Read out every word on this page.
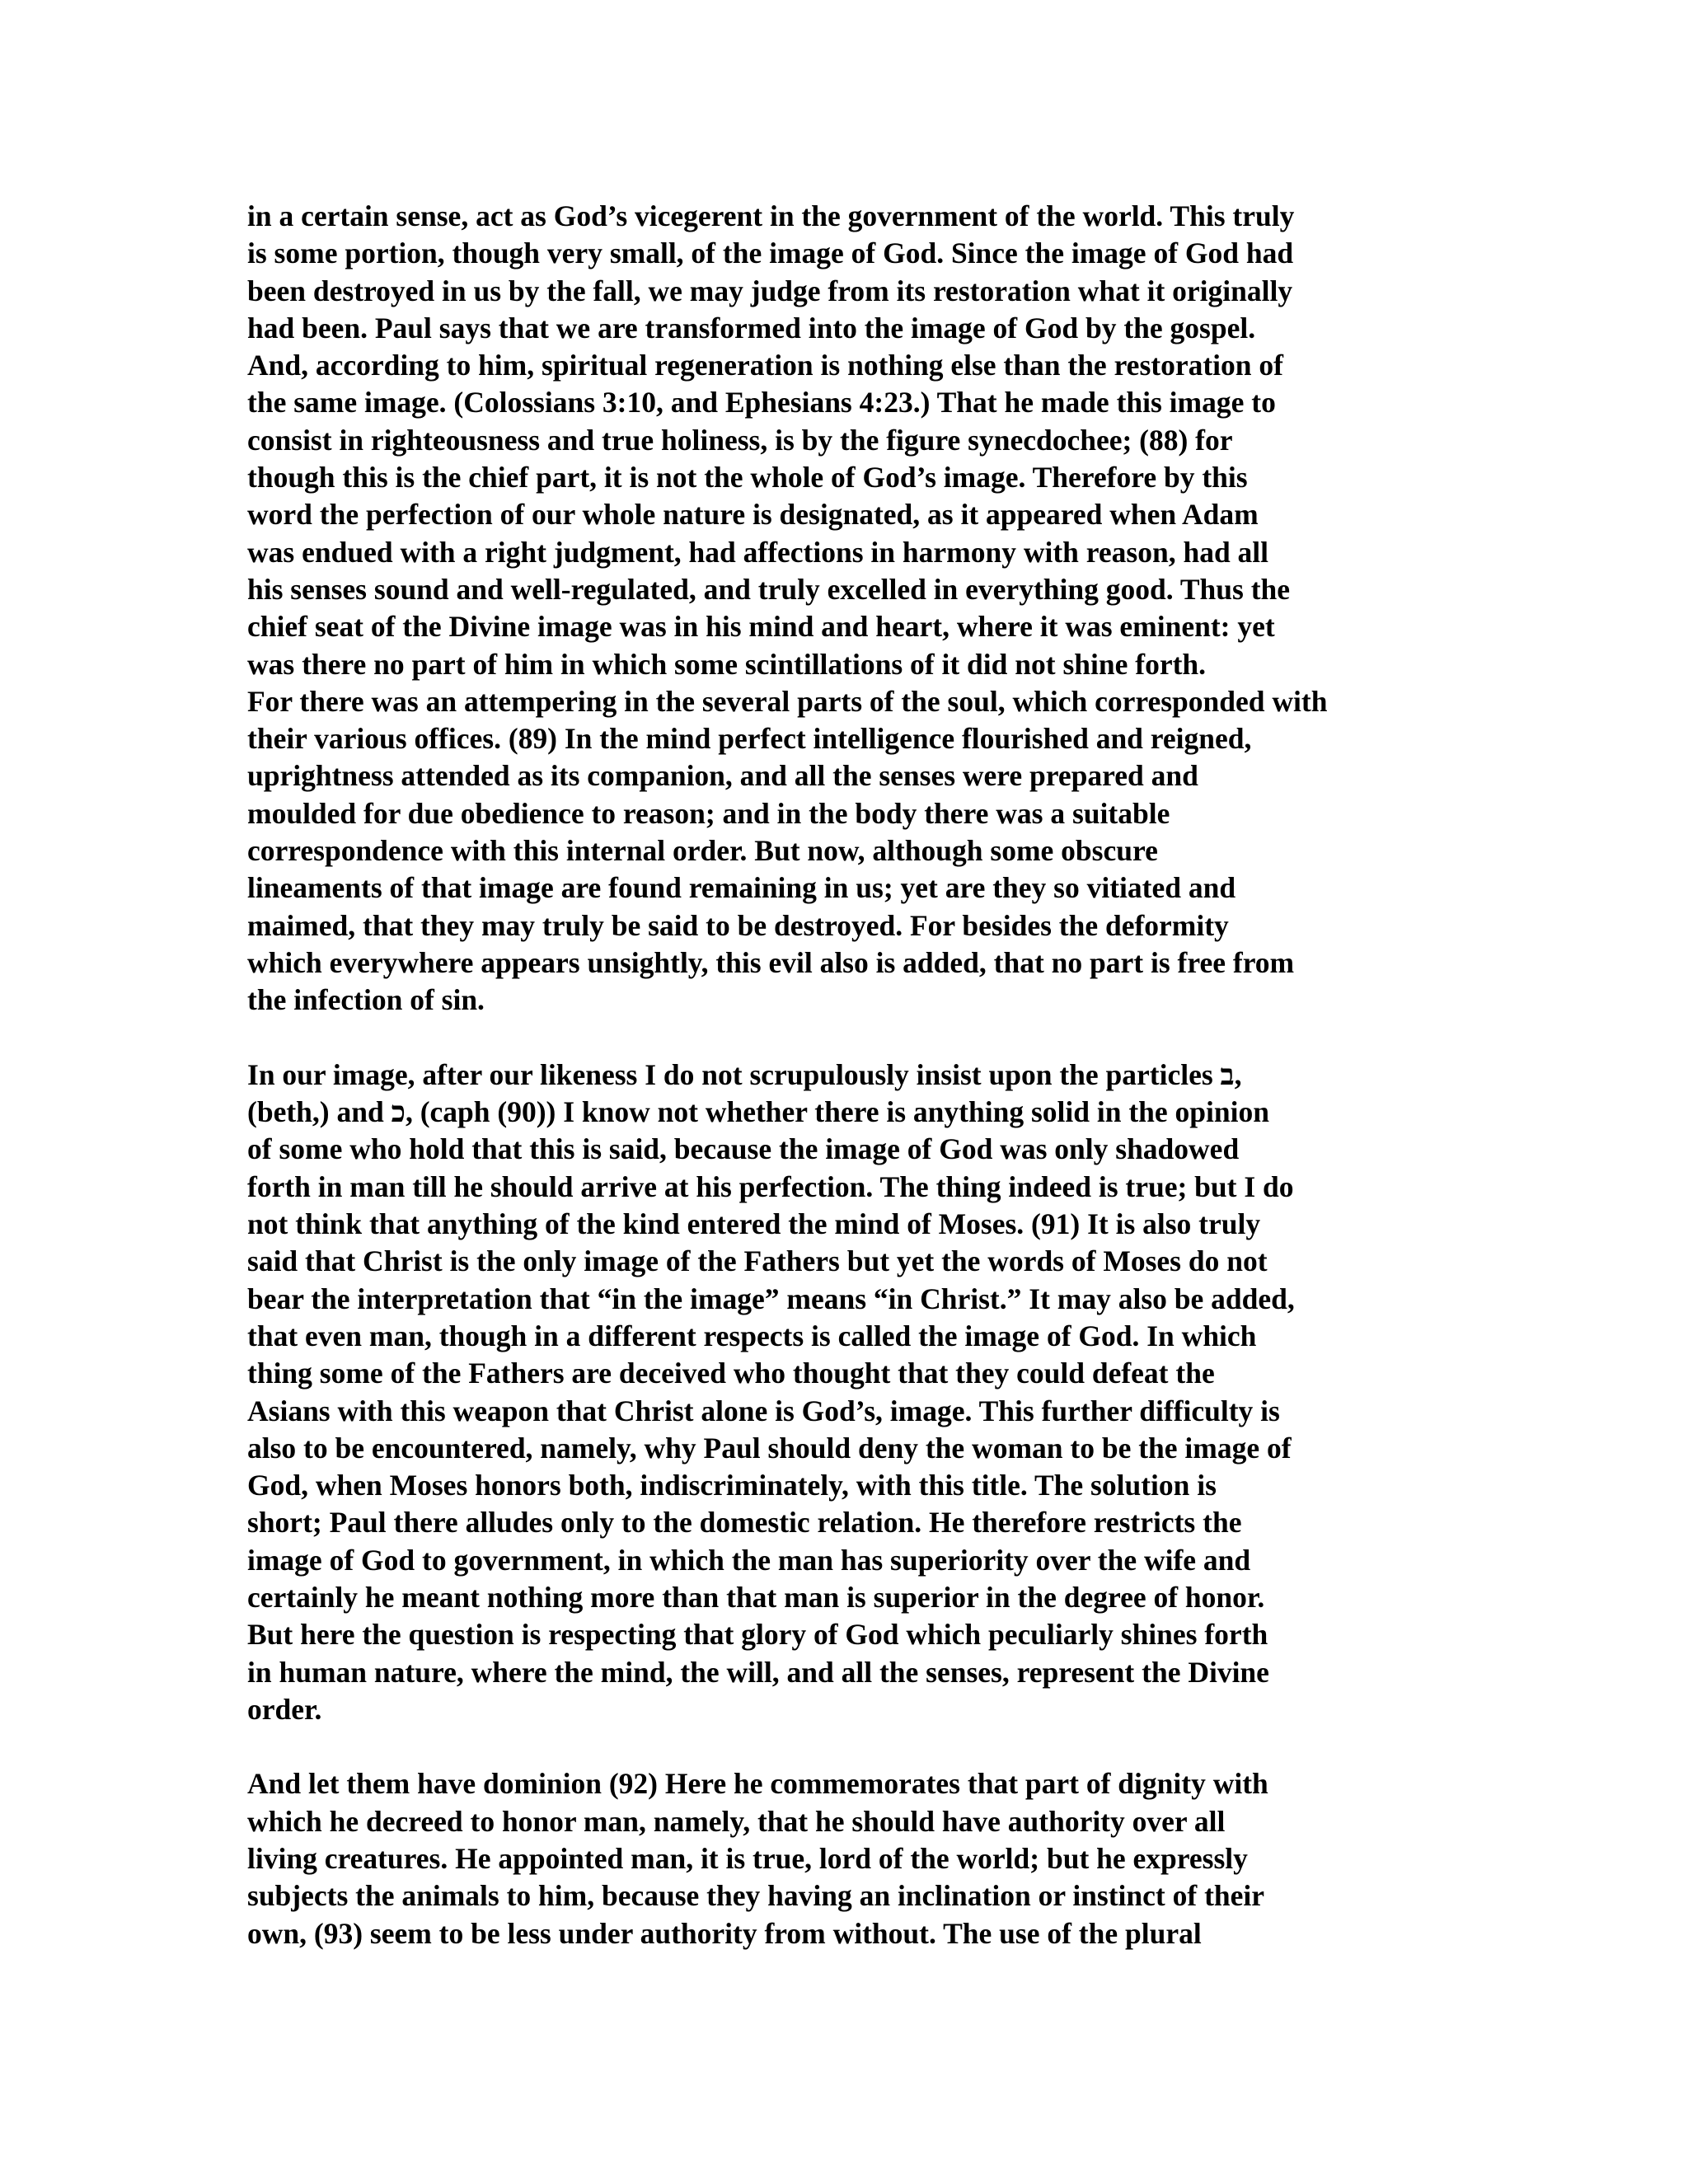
in a certain sense, act as God’s vicegerent in the government of the world. This truly
is some portion, though very small, of the image of God. Since the image of God had
been destroyed in us by the fall, we may judge from its restoration what it originally
had been. Paul says that we are transformed into the image of God by the gospel.
And, according to him, spiritual regeneration is nothing else than the restoration of
the same image. (Colossians 3:10, and Ephesians 4:23.) That he made this image to
consist in righteousness and true holiness, is by the figure synecdochee; (88) for
though this is the chief part, it is not the whole of God’s image. Therefore by this
word the perfection of our whole nature is designated, as it appeared when Adam
was endued with a right judgment, had affections in harmony with reason, had all
his senses sound and well-regulated, and truly excelled in everything good. Thus the
chief seat of the Divine image was in his mind and heart, where it was eminent: yet
was there no part of him in which some scintillations of it did not shine forth.
For there was an attempering in the several parts of the soul, which corresponded with
their various offices. (89) In the mind perfect intelligence flourished and reigned,
uprightness attended as its companion, and all the senses were prepared and
moulded for due obedience to reason; and in the body there was a suitable
correspondence with this internal order. But now, although some obscure
lineaments of that image are found remaining in us; yet are they so vitiated and
maimed, that they may truly be said to be destroyed. For besides the deformity
which everywhere appears unsightly, this evil also is added, that no part is free from
the infection of sin.
In our image, after our likeness I do not scrupulously insist upon the particles ב,
(beth,) and כ, (caph (90)) I know not whether there is anything solid in the opinion
of some who hold that this is said, because the image of God was only shadowed
forth in man till he should arrive at his perfection. The thing indeed is true; but I do
not think that anything of the kind entered the mind of Moses. (91) It is also truly
said that Christ is the only image of the Fathers but yet the words of Moses do not
bear the interpretation that “in the image” means “in Christ.” It may also be added,
that even man, though in a different respects is called the image of God. In which
thing some of the Fathers are deceived who thought that they could defeat the
Asians with this weapon that Christ alone is God’s, image. This further difficulty is
also to be encountered, namely, why Paul should deny the woman to be the image of
God, when Moses honors both, indiscriminately, with this title. The solution is
short; Paul there alludes only to the domestic relation. He therefore restricts the
image of God to government, in which the man has superiority over the wife and
certainly he meant nothing more than that man is superior in the degree of honor.
But here the question is respecting that glory of God which peculiarly shines forth
in human nature, where the mind, the will, and all the senses, represent the Divine
order.
And let them have dominion (92) Here he commemorates that part of dignity with
which he decreed to honor man, namely, that he should have authority over all
living creatures. He appointed man, it is true, lord of the world; but he expressly
subjects the animals to him, because they having an inclination or instinct of their
own, (93) seem to be less under authority from without. The use of the plural
